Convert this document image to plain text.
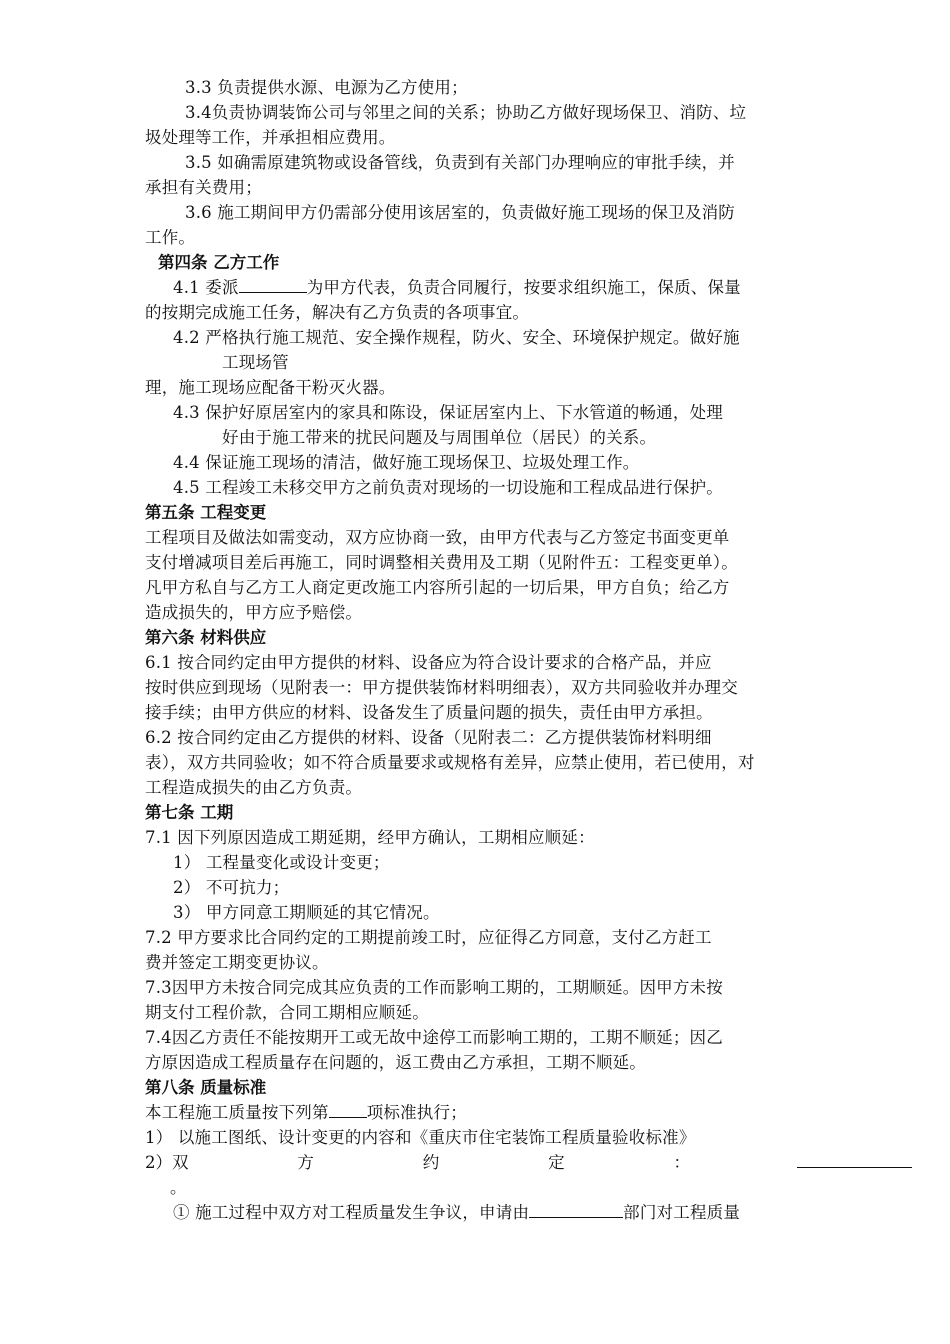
3.3 负责提供水源、电源为乙方使用；
3.4负责协调装饰公司与邻里之间的关系；协助乙方做好现场保卫、消防、垃
圾处理等工作，并承担相应费用。
3.5 如确需原建筑物或设备管线，负责到有关部门办理响应的审批手续，并
承担有关费用；
3.6 施工期间甲方仍需部分使用该居室的，负责做好施工现场的保卫及消防
工作。
第四条 乙方工作
4.1 委派	为甲方代表，负责合同履行，按要求组织施工，保质、保量
的按期完成施工任务，解决有乙方负责的各项事宜。
4.2 严格执行施工规范、安全操作规程，防火、安全、环境保护规定。做好施
工现场管
理，施工现场应配备干粉灭火器。
4.3 保护好原居室内的家具和陈设，保证居室内上、下水管道的畅通，处理
好由于施工带来的扰民问题及与周围单位（居民）的关系。
4.4 保证施工现场的清洁，做好施工现场保卫、垃圾处理工作。
4.5 工程竣工未移交甲方之前负责对现场的一切设施和工程成品进行保护。
第五条 工程变更
工程项目及做法如需变动，双方应协商一致，由甲方代表与乙方签定书面变更单
支付增减项目差后再施工，同时调整相关费用及工期（见附件五：工程变更单）。
凡甲方私自与乙方工人商定更改施工内容所引起的一切后果，甲方自负；给乙方
造成损失的，甲方应予赔偿。
第六条 材料供应
6.1 按合同约定由甲方提供的材料、设备应为符合设计要求的合格产品，并应
按时供应到现场（见附表一：甲方提供装饰材料明细表），双方共同验收并办理交
接手续；由甲方供应的材料、设备发生了质量问题的损失，责任由甲方承担。
6.2 按合同约定由乙方提供的材料、设备（见附表二：乙方提供装饰材料明细
表），双方共同验收；如不符合质量要求或规格有差异，应禁止使用，若已使用，对
工程造成损失的由乙方负责。
第七条 工期
7.1 因下列原因造成工期延期，经甲方确认，工期相应顺延：
1） 工程量变化或设计变更；
2） 不可抗力；
3） 甲方同意工期顺延的其它情况。
7.2 甲方要求比合同约定的工期提前竣工时，应征得乙方同意，支付乙方赶工
费并签定工期变更协议。
7.3因甲方未按合同完成其应负责的工作而影响工期的，工期顺延。因甲方未按
期支付工程价款，合同工期相应顺延。
7.4因乙方责任不能按期开工或无故中途停工而影响工期的，工期不顺延；因乙
方原因造成工程质量存在问题的，返工费由乙方承担，工期不顺延。
第八条 质量标准
本工程施工质量按下列第 项标准执行；
1） 以施工图纸、设计变更的内容和《重庆市住宅装饰工程质量验收标准》
2）双	方	约	定	：
。
① 施工过程中双方对工程质量发生争议，申请由	部门对工程质量
